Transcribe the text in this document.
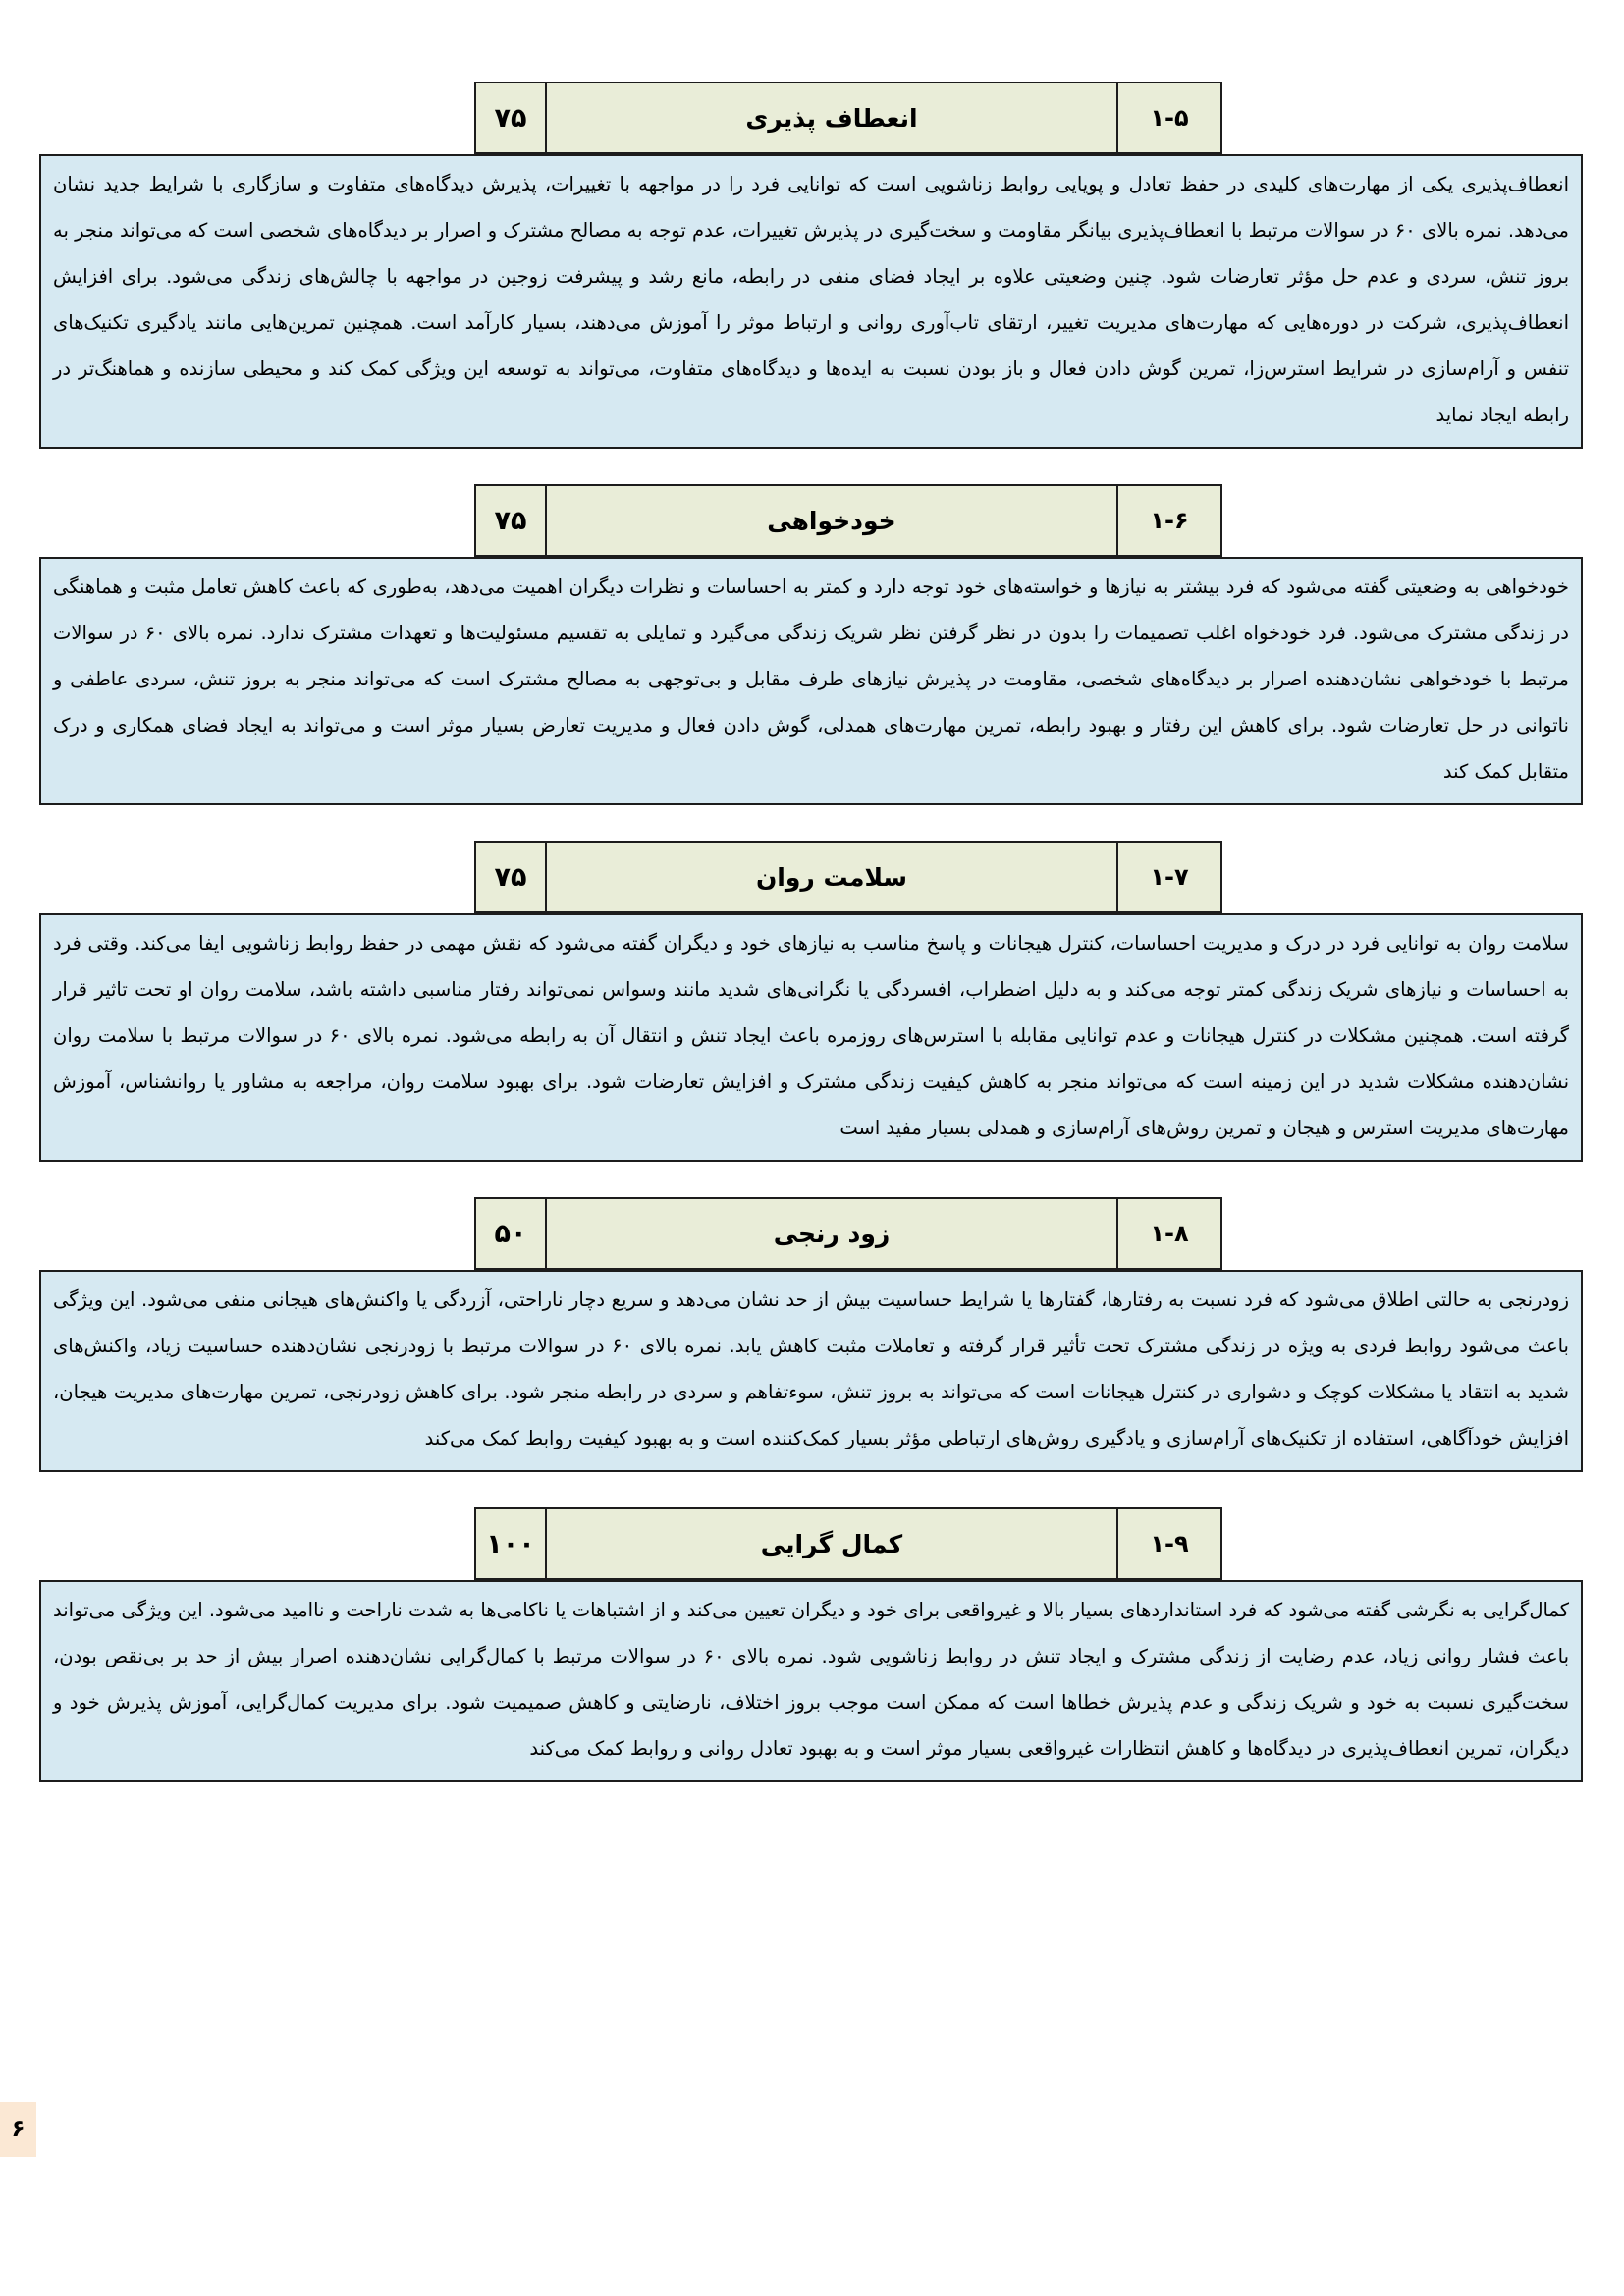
۷۵	انعطاف پذیری	۱-۵

انعطاف‌پذیری یکی از مهارت‌های کلیدی در حفظ تعادل و پویایی روابط زناشویی است که توانایی فرد را در مواجهه با تغییرات، پذیرش دیدگاه‌های متفاوت و سازگاری با شرایط جدید نشان می‌دهد. نمره بالای ۶۰ در سوالات مرتبط با انعطاف‌پذیری بیانگر مقاومت و سخت‌گیری در پذیرش تغییرات، عدم توجه به مصالح مشترک و اصرار بر دیدگاه‌های شخصی است که می‌تواند منجر به بروز تنش، سردی و عدم حل مؤثر تعارضات شود. چنین وضعیتی علاوه بر ایجاد فضای منفی در رابطه، مانع رشد و پیشرفت زوجین در مواجهه با چالش‌های زندگی می‌شود. برای افزایش انعطاف‌پذیری، شرکت در دوره‌هایی که مهارت‌های مدیریت تغییر، ارتقای تاب‌آوری روانی و ارتباط موثر را آموزش می‌دهند، بسیار کارآمد است. همچنین تمرین‌هایی مانند یادگیری تکنیک‌های تنفس و آرام‌سازی در شرایط استرس‌زا، تمرین گوش دادن فعال و باز بودن نسبت به ایده‌ها و دیدگاه‌های متفاوت، می‌تواند به توسعه این ویژگی کمک کند و محیطی سازنده و هماهنگ‌تر در رابطه ایجاد نماید

۷۵	خودخواهی	۱-۶

خودخواهی به وضعیتی گفته می‌شود که فرد بیشتر به نیازها و خواسته‌های خود توجه دارد و کمتر به احساسات و نظرات دیگران اهمیت می‌دهد، به‌طوری که باعث کاهش تعامل مثبت و هماهنگی در زندگی مشترک می‌شود. فرد خودخواه اغلب تصمیمات را بدون در نظر گرفتن نظر شریک زندگی می‌گیرد و تمایلی به تقسیم مسئولیت‌ها و تعهدات مشترک ندارد. نمره بالای ۶۰ در سوالات مرتبط با خودخواهی نشان‌دهنده اصرار بر دیدگاه‌های شخصی، مقاومت در پذیرش نیازهای طرف مقابل و بی‌توجهی به مصالح مشترک است که می‌تواند منجر به بروز تنش، سردی عاطفی و ناتوانی در حل تعارضات شود. برای کاهش این رفتار و بهبود رابطه، تمرین مهارت‌های همدلی، گوش دادن فعال و مدیریت تعارض بسیار موثر است و می‌تواند به ایجاد فضای همکاری و درک متقابل کمک کند

۷۵	سلامت روان	۱-۷

سلامت روان به توانایی فرد در درک و مدیریت احساسات، کنترل هیجانات و پاسخ مناسب به نیازهای خود و دیگران گفته می‌شود که نقش مهمی در حفظ روابط زناشویی ایفا می‌کند. وقتی فرد به احساسات و نیازهای شریک زندگی کمتر توجه می‌کند و به دلیل اضطراب، افسردگی یا نگرانی‌های شدید مانند وسواس نمی‌تواند رفتار مناسبی داشته باشد، سلامت روان او تحت تاثیر قرار گرفته است. همچنین مشکلات در کنترل هیجانات و عدم توانایی مقابله با استرس‌های روزمره باعث ایجاد تنش و انتقال آن به رابطه می‌شود. نمره بالای ۶۰ در سوالات مرتبط با سلامت روان نشان‌دهنده مشکلات شدید در این زمینه است که می‌تواند منجر به کاهش کیفیت زندگی مشترک و افزایش تعارضات شود. برای بهبود سلامت روان، مراجعه به مشاور یا روانشناس، آموزش مهارت‌های مدیریت استرس و هیجان و تمرین روش‌های آرام‌سازی و همدلی بسیار مفید است

۵۰	زود رنجی	۱-۸

زودرنجی به حالتی اطلاق می‌شود که فرد نسبت به رفتارها، گفتارها یا شرایط حساسیت بیش از حد نشان می‌دهد و سریع دچار ناراحتی، آزردگی یا واکنش‌های هیجانی منفی می‌شود. این ویژگی باعث می‌شود روابط فردی به ویژه در زندگی مشترک تحت تأثیر قرار گرفته و تعاملات مثبت کاهش یابد. نمره بالای ۶۰ در سوالات مرتبط با زودرنجی نشان‌دهنده حساسیت زیاد، واکنش‌های شدید به انتقاد یا مشکلات کوچک و دشواری در کنترل هیجانات است که می‌تواند به بروز تنش، سوءتفاهم و سردی در رابطه منجر شود. برای کاهش زودرنجی، تمرین مهارت‌های مدیریت هیجان، افزایش خودآگاهی، استفاده از تکنیک‌های آرام‌سازی و یادگیری روش‌های ارتباطی مؤثر بسیار کمک‌کننده است و به بهبود کیفیت روابط کمک می‌کند

۱۰۰	کمال گرایی	۱-۹

کمال‌گرایی به نگرشی گفته می‌شود که فرد استانداردهای بسیار بالا و غیرواقعی برای خود و دیگران تعیین می‌کند و از اشتباهات یا ناکامی‌ها به شدت ناراحت و ناامید می‌شود. این ویژگی می‌تواند باعث فشار روانی زیاد، عدم رضایت از زندگی مشترک و ایجاد تنش در روابط زناشویی شود. نمره بالای ۶۰ در سوالات مرتبط با کمال‌گرایی نشان‌دهنده اصرار بیش از حد بر بی‌نقص بودن، سخت‌گیری نسبت به خود و شریک زندگی و عدم پذیرش خطاها است که ممکن است موجب بروز اختلاف، نارضایتی و کاهش صمیمیت شود. برای مدیریت کمال‌گرایی، آموزش پذیرش خود و دیگران، تمرین انعطاف‌پذیری در دیدگاه‌ها و کاهش انتظارات غیرواقعی بسیار موثر است و به بهبود تعادل روانی و روابط کمک می‌کند

۶
